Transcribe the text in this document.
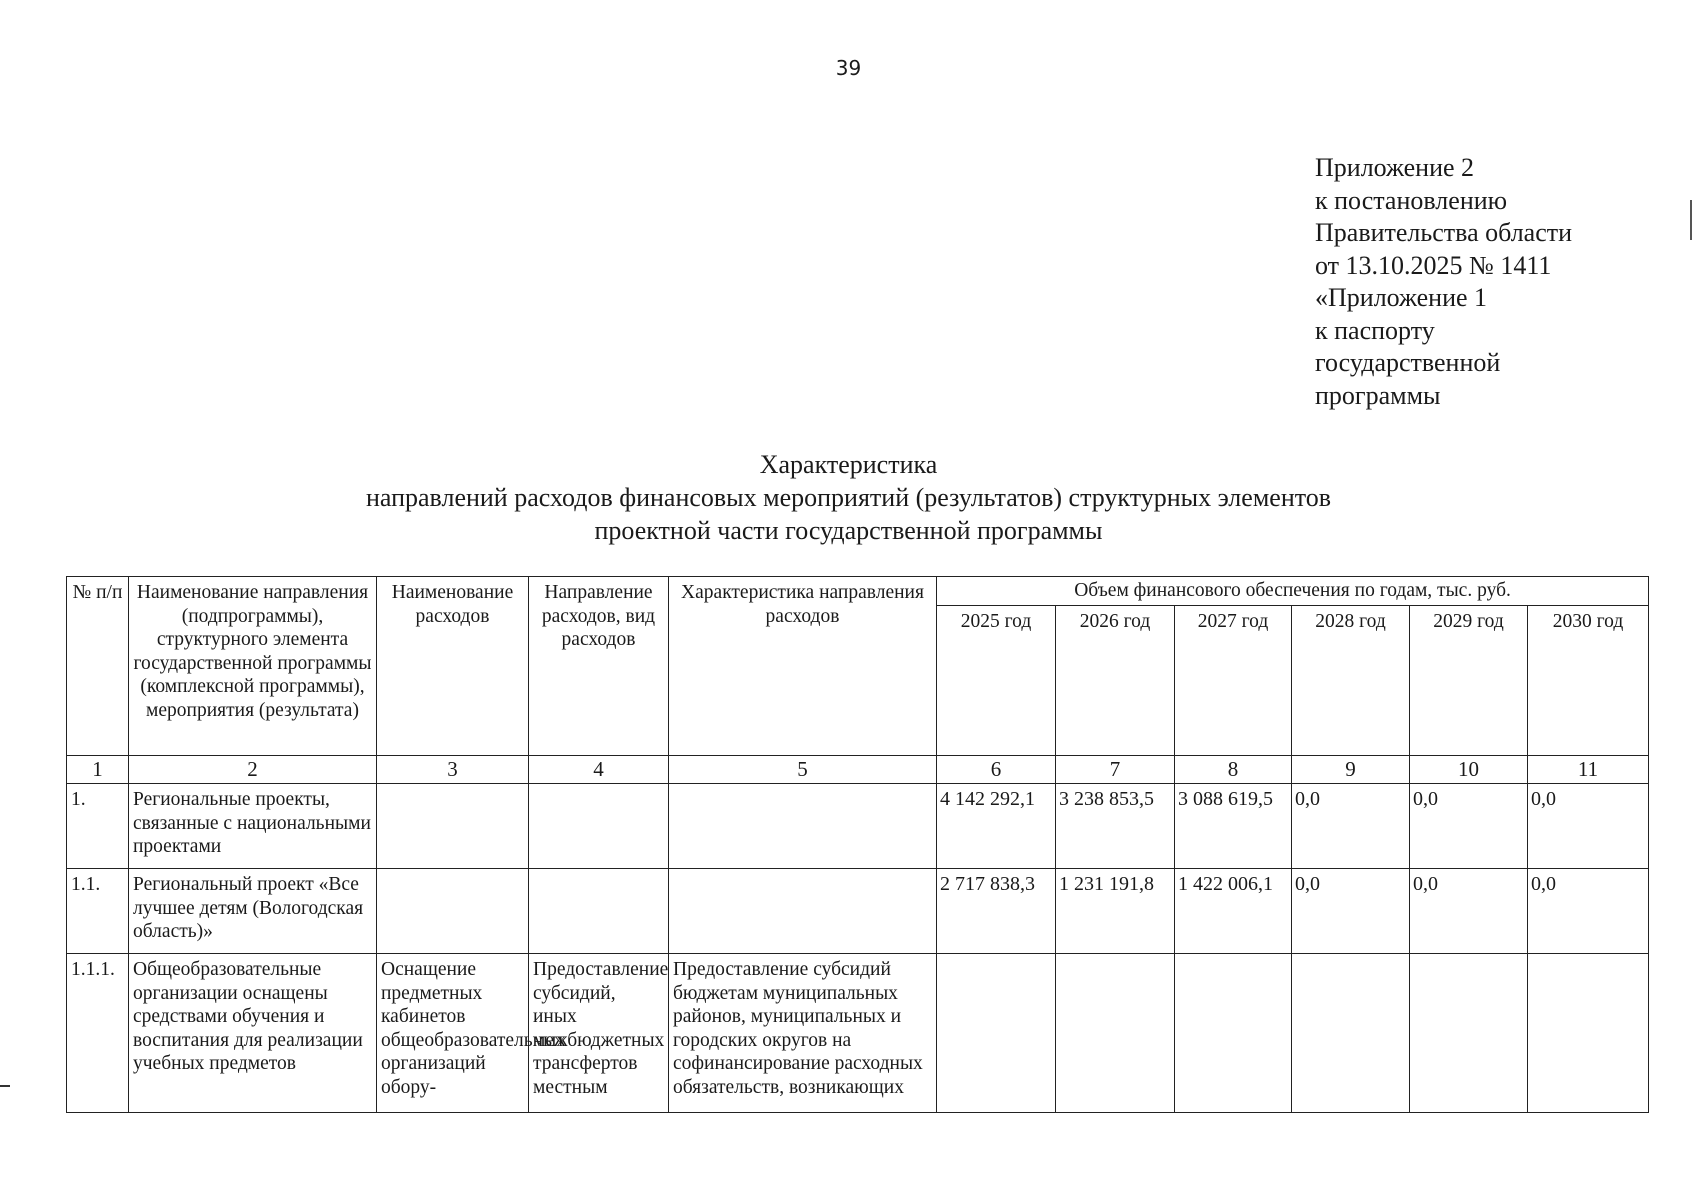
39
Приложение 2
к постановлению
Правительства области
от 13.10.2025 № 1411
«Приложение 1
к паспорту
государственной
программы
Характеристика
направлений расходов финансовых мероприятий (результатов) структурных элементов
проектной части государственной программы
№ п/п	Наименование направления (подпрограммы), структурного элемента государственной программы (комплексной программы), мероприятия (результата)	Наименование расходов	Направление расходов, вид расходов	Характеристика направления расходов	Объем финансового обеспечения по годам, тыс. руб.					
					2025 год	2026 год	2027 год	2028 год	2029 год	2030 год
1	2	3	4	5	6	7	8	9	10	11
1.	Региональные проекты, связанные с национальными проектами				4 142 292,1	3 238 853,5	3 088 619,5	0,0	0,0	0,0
1.1.	Региональный проект «Все лучшее детям (Вологодская область)»				2 717 838,3	1 231 191,8	1 422 006,1	0,0	0,0	0,0
1.1.1.	Общеобразовательные организации оснащены средствами обучения и воспитания для реализации учебных предметов	Оснащение предметных кабинетов общеобразовательных организаций обору-	Предоставление субсидий, иных межбюджетных трансфертов местным	Предоставление субсидий бюджетам муниципальных районов, муниципальных и городских округов на софинансирование расходных обязательств, возникающих						
